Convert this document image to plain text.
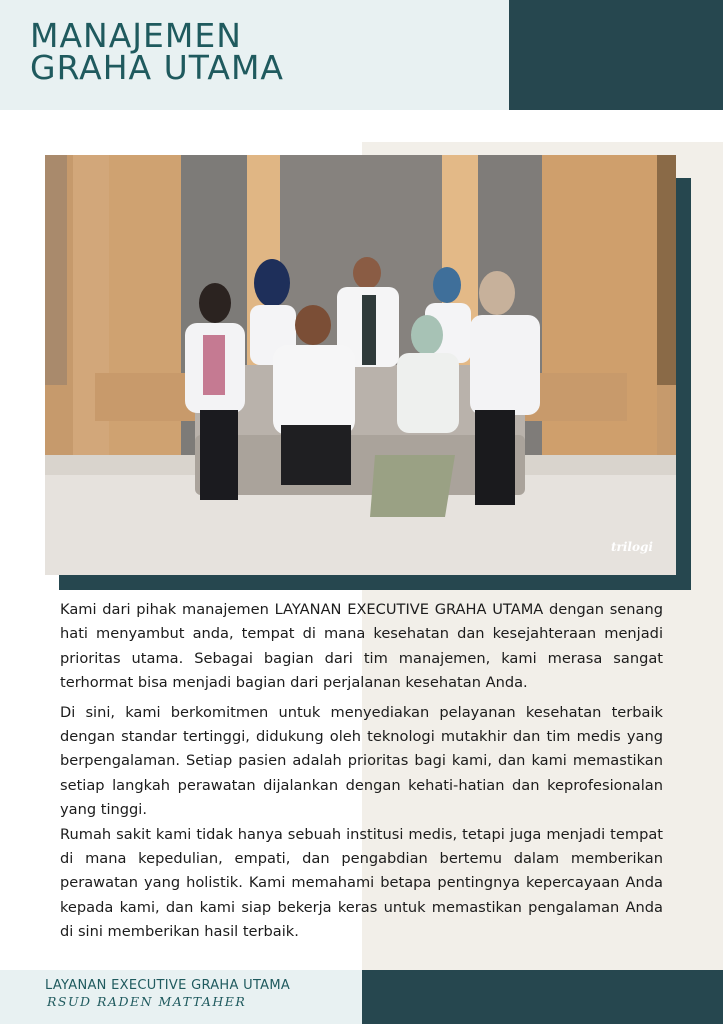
MANAJEMEN
GRAHA UTAMA
trilogi

Kami dari pihak manajemen LAYANAN EXECUTIVE GRAHA UTAMA dengan senang hati menyambut anda, tempat di mana kesehatan dan kesejahteraan menjadi prioritas utama. Sebagai bagian dari tim manajemen, kami merasa sangat terhormat bisa menjadi bagian dari perjalanan kesehatan Anda.

Di sini, kami berkomitmen untuk menyediakan pelayanan kesehatan terbaik dengan standar tertinggi, didukung oleh teknologi mutakhir dan tim medis yang berpengalaman. Setiap pasien adalah prioritas bagi kami, dan kami memastikan setiap langkah perawatan dijalankan dengan kehati-hatian dan keprofesionalan yang tinggi.

Rumah sakit kami tidak hanya sebuah institusi medis, tetapi juga menjadi tempat di mana kepedulian, empati, dan pengabdian bertemu dalam memberikan perawatan yang holistik. Kami memahami betapa pentingnya kepercayaan Anda kepada kami, dan kami siap bekerja keras untuk memastikan pengalaman Anda di sini memberikan hasil terbaik.

LAYANAN EXECUTIVE GRAHA UTAMA
RSUD RADEN MATTAHER
